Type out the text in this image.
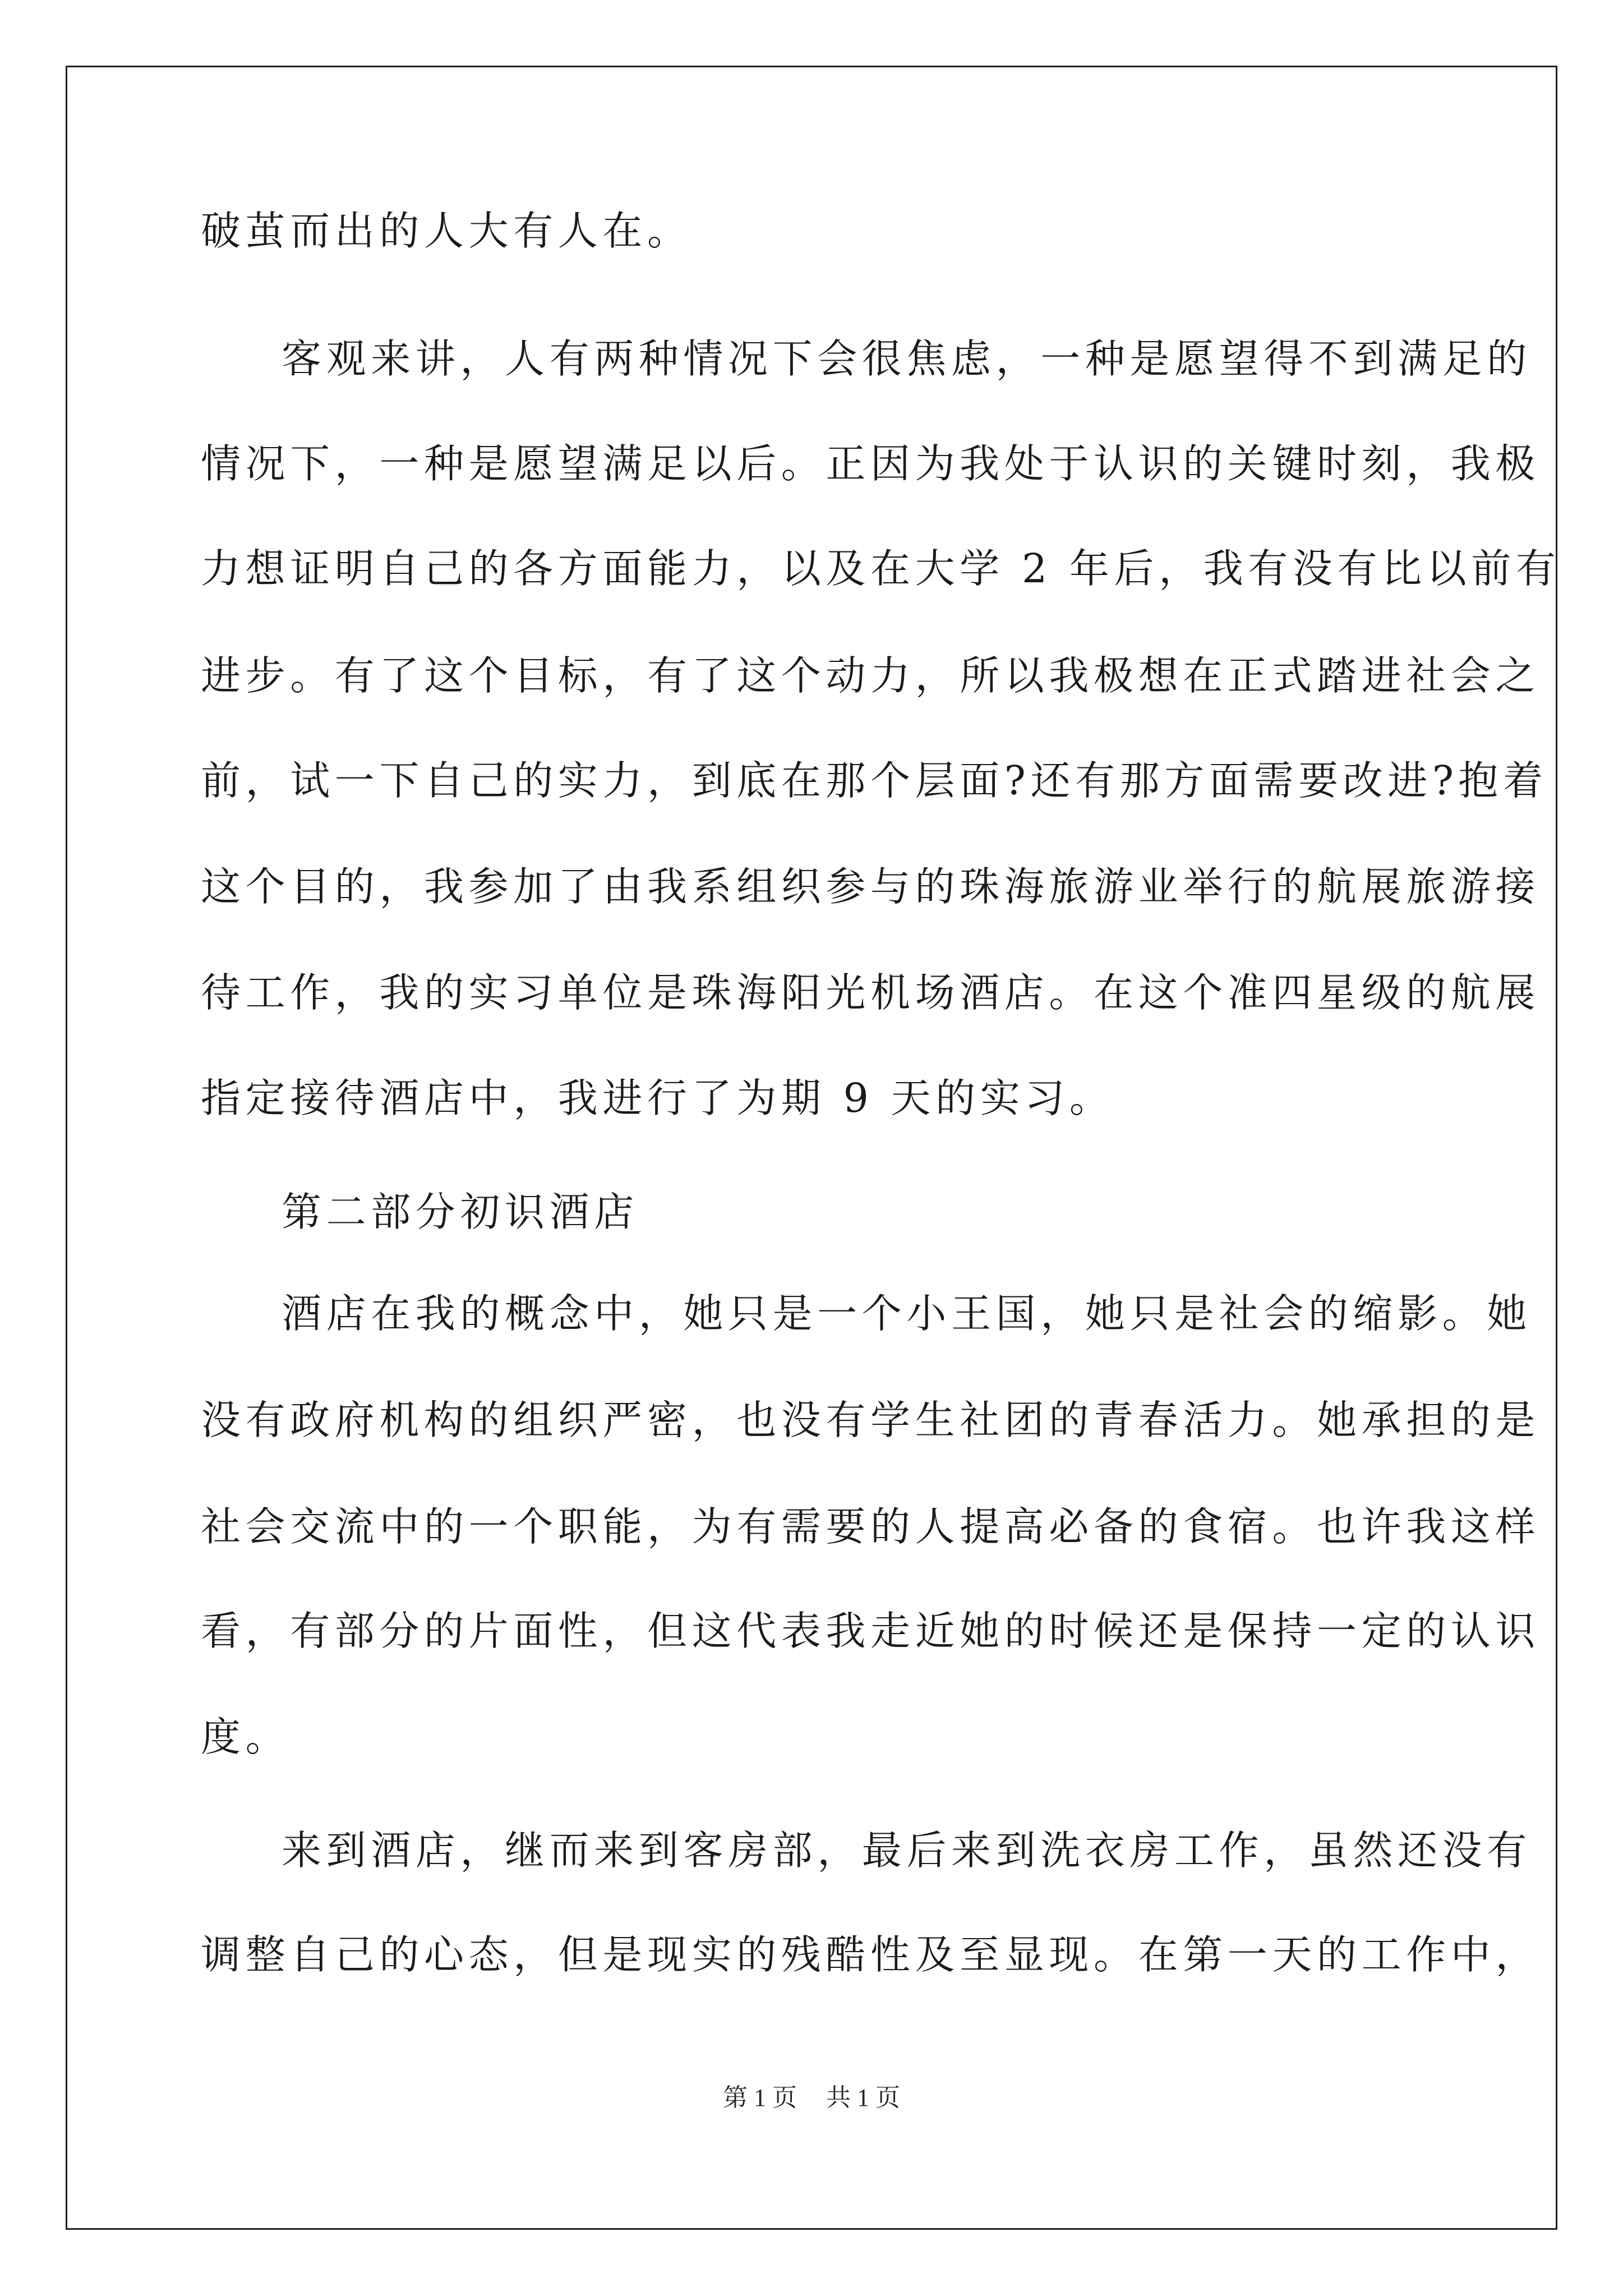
破茧而出的人大有人在。
客观来讲，人有两种情况下会很焦虑，一种是愿望得不到满足的
情况下，一种是愿望满足以后。正因为我处于认识的关键时刻，我极
力想证明自己的各方面能力，以及在大学 2 年后，我有没有比以前有
进步。有了这个目标，有了这个动力，所以我极想在正式踏进社会之
前，试一下自己的实力，到底在那个层面?还有那方面需要改进?抱着
这个目的，我参加了由我系组织参与的珠海旅游业举行的航展旅游接
待工作，我的实习单位是珠海阳光机场酒店。在这个准四星级的航展
指定接待酒店中，我进行了为期 9 天的实习。
第二部分初识酒店
酒店在我的概念中，她只是一个小王国，她只是社会的缩影。她
没有政府机构的组织严密，也没有学生社团的青春活力。她承担的是
社会交流中的一个职能，为有需要的人提高必备的食宿。也许我这样
看，有部分的片面性，但这代表我走近她的时候还是保持一定的认识
度。
来到酒店，继而来到客房部，最后来到洗衣房工作，虽然还没有
调整自己的心态，但是现实的残酷性及至显现。在第一天的工作中，
第 1 页 共 1 页
